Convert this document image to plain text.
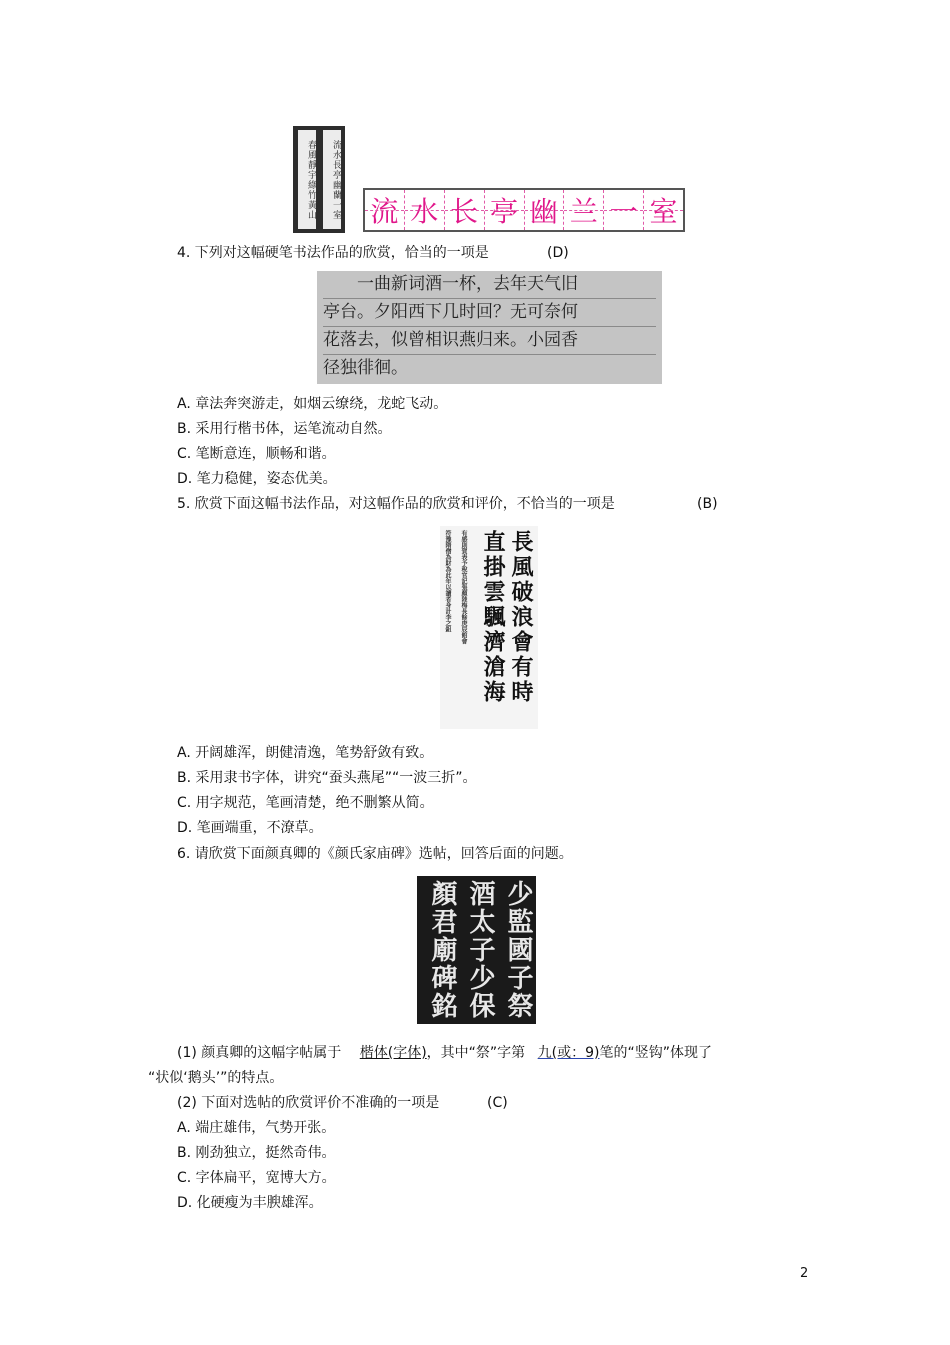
流水長亭幽蘭一室
春風靜宇綠竹黃山 流 水 长 亭 幽 兰 一 室
4. 下列对这幅硬笔书法作品的欣赏，恰当的一项是	(D)
　　一曲新词酒一杯，去年天气旧
亭台。夕阳西下几时回？无可奈何
花落去，似曾相识燕归来。小园香
径独徘徊。
A. 章法奔突游走，如烟云缭绕，龙蛇飞动。
B. 采用行楷书体，运笔流动自然。
C. 笔断意连，顺畅和谐。
D. 笔力稳健，姿态优美。
5. 欣赏下面这幅书法作品，对这幅作品的欣赏和评价，不恰当的一项是	(B)
長風破浪會有時
直掛雲颿濟滄海
有感則賀表予稅官記張顏陸梅長餘庚辰館會
符豫隋僧為財為此年以讀者身計李之鉏
A. 开阔雄浑，朗健清逸，笔势舒敛有致。
B. 采用隶书字体，讲究“蚕头燕尾”“一波三折”。
C. 用字规范，笔画清楚，绝不删繁从简。
D. 笔画端重，不潦草。
6. 请欣赏下面颜真卿的《颜氏家庙碑》选帖，回答后面的问题。
少監國子祭
酒太子少保
顏君廟碑銘
(1) 颜真卿的这幅字帖属于 楷体(字体)，其中“祭”字第 九(或：9)笔的“竖钩”体现了
“状似‘鹅头’”的特点。
(2) 下面对选帖的欣赏评价不准确的一项是	(C)
A. 端庄雄伟，气势开张。
B. 刚劲独立，挺然奇伟。
C. 字体扁平，宽博大方。
D. 化硬瘦为丰腴雄浑。
2
